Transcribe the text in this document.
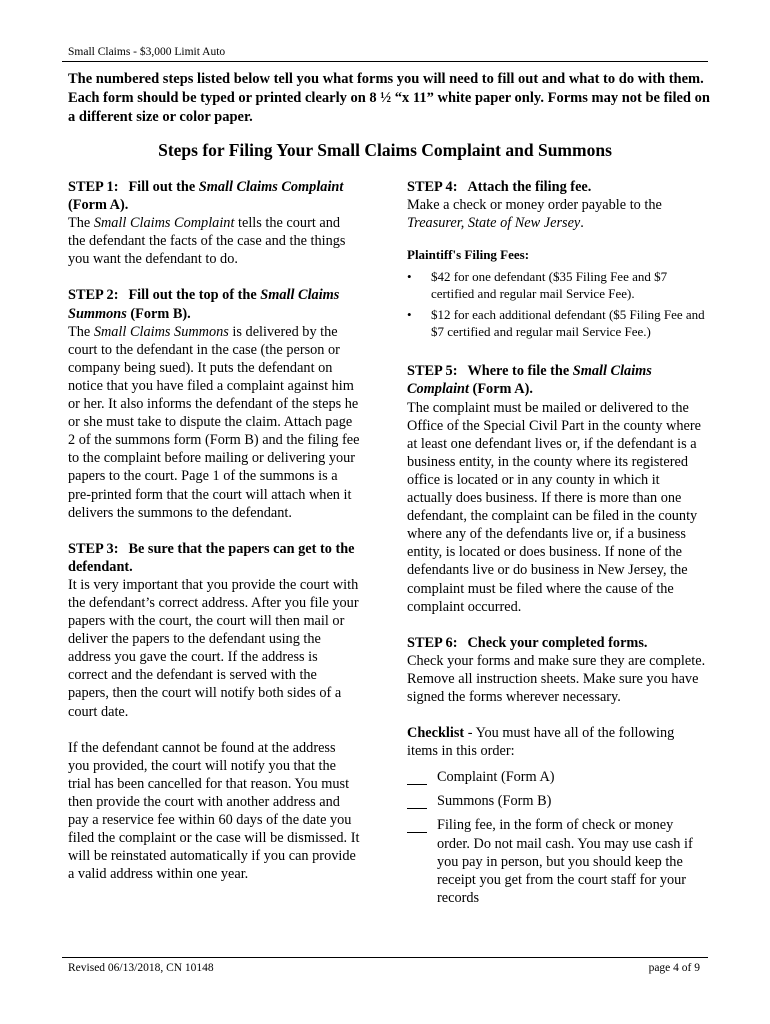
Small Claims - $3,000 Limit Auto
The numbered steps listed below tell you what forms you will need to fill out and what to do with them. Each form should be typed or printed clearly on 8 ½ “x 11” white paper only. Forms may not be filed on a different size or color paper.
Steps for Filing Your Small Claims Complaint and Summons
STEP 1: Fill out the Small Claims Complaint (Form A).

The Small Claims Complaint tells the court and the defendant the facts of the case and the things you want the defendant to do.

STEP 2: Fill out the top of the Small Claims Summons (Form B).

The Small Claims Summons is delivered by the court to the defendant in the case (the person or company being sued). It puts the defendant on notice that you have filed a complaint against him or her. It also informs the defendant of the steps he or she must take to dispute the claim. Attach page 2 of the summons form (Form B) and the filing fee to the complaint before mailing or delivering your papers to the court. Page 1 of the summons is a pre-printed form that the court will attach when it delivers the summons to the defendant.

STEP 3: Be sure that the papers can get to the defendant.

It is very important that you provide the court with the defendant’s correct address. After you file your papers with the court, the court will then mail or deliver the papers to the defendant using the address you gave the court. If the address is correct and the defendant is served with the papers, then the court will notify both sides of a court date.

If the defendant cannot be found at the address you provided, the court will notify you that the trial has been cancelled for that reason. You must then provide the court with another address and pay a reservice fee within 60 days of the date you filed the complaint or the case will be dismissed. It will be reinstated automatically if you can provide a valid address within one year.

STEP 4: Attach the filing fee.

Make a check or money order payable to the Treasurer, State of New Jersey.

Plaintiff's Filing Fees:
• $42 for one defendant ($35 Filing Fee and $7 certified and regular mail Service Fee).
• $12 for each additional defendant ($5 Filing Fee and $7 certified and regular mail Service Fee.)
STEP 5: Where to file the Small Claims Complaint (Form A).

The complaint must be mailed or delivered to the Office of the Special Civil Part in the county where at least one defendant lives or, if the defendant is a business entity, in the county where its registered office is located or in any county in which it actually does business. If there is more than one defendant, the complaint can be filed in the county where any of the defendants live or, if a business entity, is located or does business. If none of the defendants live or do business in New Jersey, the complaint must be filed where the cause of the complaint occurred.

STEP 6: Check your completed forms.

Check your forms and make sure they are complete. Remove all instruction sheets. Make sure you have signed the forms wherever necessary.

Checklist - You must have all of the following items in this order:

Complaint (Form A)
Summons (Form B)
Filing fee, in the form of check or money order. Do not mail cash. You may use cash if you pay in person, but you should keep the receipt you get from the court staff for your records
Revised 06/13/2018, CN 10148	page 4 of 9
